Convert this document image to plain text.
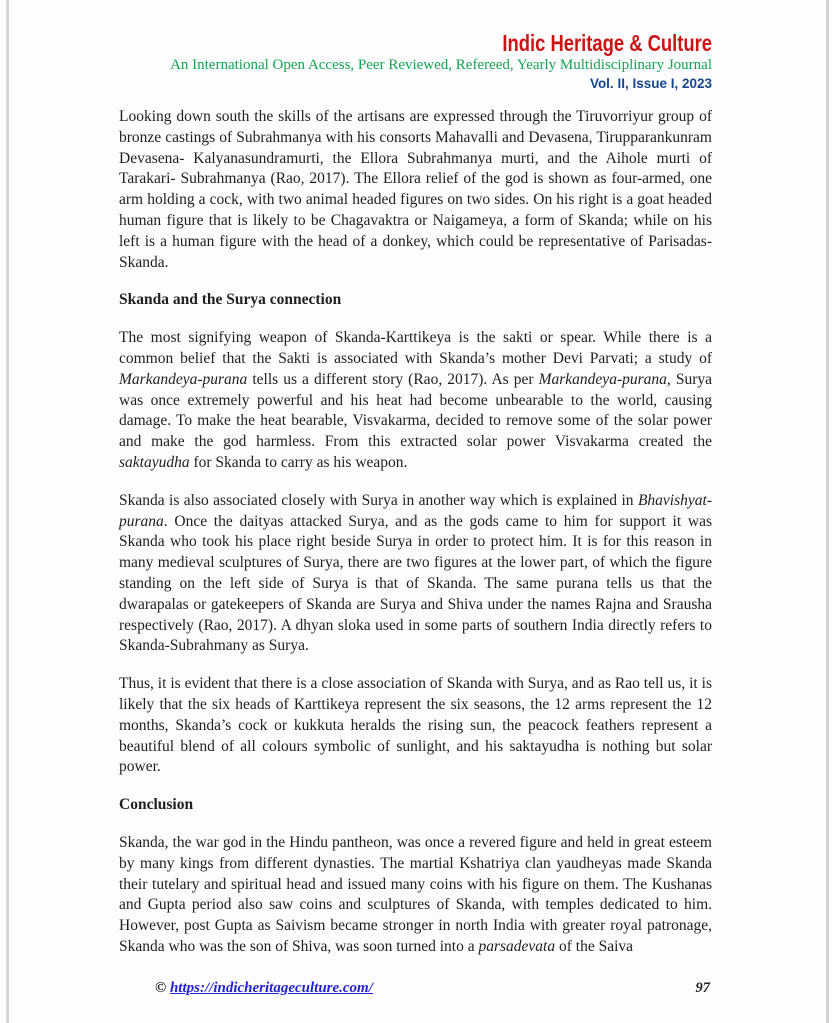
Indic Heritage & Culture
An International Open Access, Peer Reviewed, Refereed, Yearly Multidisciplinary Journal
Vol. II, Issue I, 2023

Looking down south the skills of the artisans are expressed through the Tiruvorriyur group of bronze castings of Subrahmanya with his consorts Mahavalli and Devasena, Tirupparankunram Devasena- Kalyanasundramurti, the Ellora Subrahmanya murti, and the Aihole murti of Tarakari- Subrahmanya (Rao, 2017). The Ellora relief of the god is shown as four-armed, one arm holding a cock, with two animal headed figures on two sides. On his right is a goat headed human figure that is likely to be Chagavaktra or Naigameya, a form of Skanda; while on his left is a human figure with the head of a donkey, which could be representative of Parisadas- Skanda.

Skanda and the Surya connection

The most signifying weapon of Skanda-Karttikeya is the sakti or spear. While there is a common belief that the Sakti is associated with Skanda’s mother Devi Parvati; a study of Markandeya-purana tells us a different story (Rao, 2017). As per Markandeya-purana, Surya was once extremely powerful and his heat had become unbearable to the world, causing damage. To make the heat bearable, Visvakarma, decided to remove some of the solar power and make the god harmless. From this extracted solar power Visvakarma created the saktayudha for Skanda to carry as his weapon.

Skanda is also associated closely with Surya in another way which is explained in Bhavishyat-purana. Once the daityas attacked Surya, and as the gods came to him for support it was Skanda who took his place right beside Surya in order to protect him. It is for this reason in many medieval sculptures of Surya, there are two figures at the lower part, of which the figure standing on the left side of Surya is that of Skanda. The same purana tells us that the dwarapalas or gatekeepers of Skanda are Surya and Shiva under the names Rajna and Srausha respectively (Rao, 2017). A dhyan sloka used in some parts of southern India directly refers to Skanda-Subrahmany as Surya.

Thus, it is evident that there is a close association of Skanda with Surya, and as Rao tell us, it is likely that the six heads of Karttikeya represent the six seasons, the 12 arms represent the 12 months, Skanda’s cock or kukkuta heralds the rising sun, the peacock feathers represent a beautiful blend of all colours symbolic of sunlight, and his saktayudha is nothing but solar power.

Conclusion

Skanda, the war god in the Hindu pantheon, was once a revered figure and held in great esteem by many kings from different dynasties. The martial Kshatriya clan yaudheyas made Skanda their tutelary and spiritual head and issued many coins with his figure on them. The Kushanas and Gupta period also saw coins and sculptures of Skanda, with temples dedicated to him. However, post Gupta as Saivism became stronger in north India with greater royal patronage, Skanda who was the son of Shiva, was soon turned into a parsadevata of the Saiva

© https://indicheritageculture.com/	97
